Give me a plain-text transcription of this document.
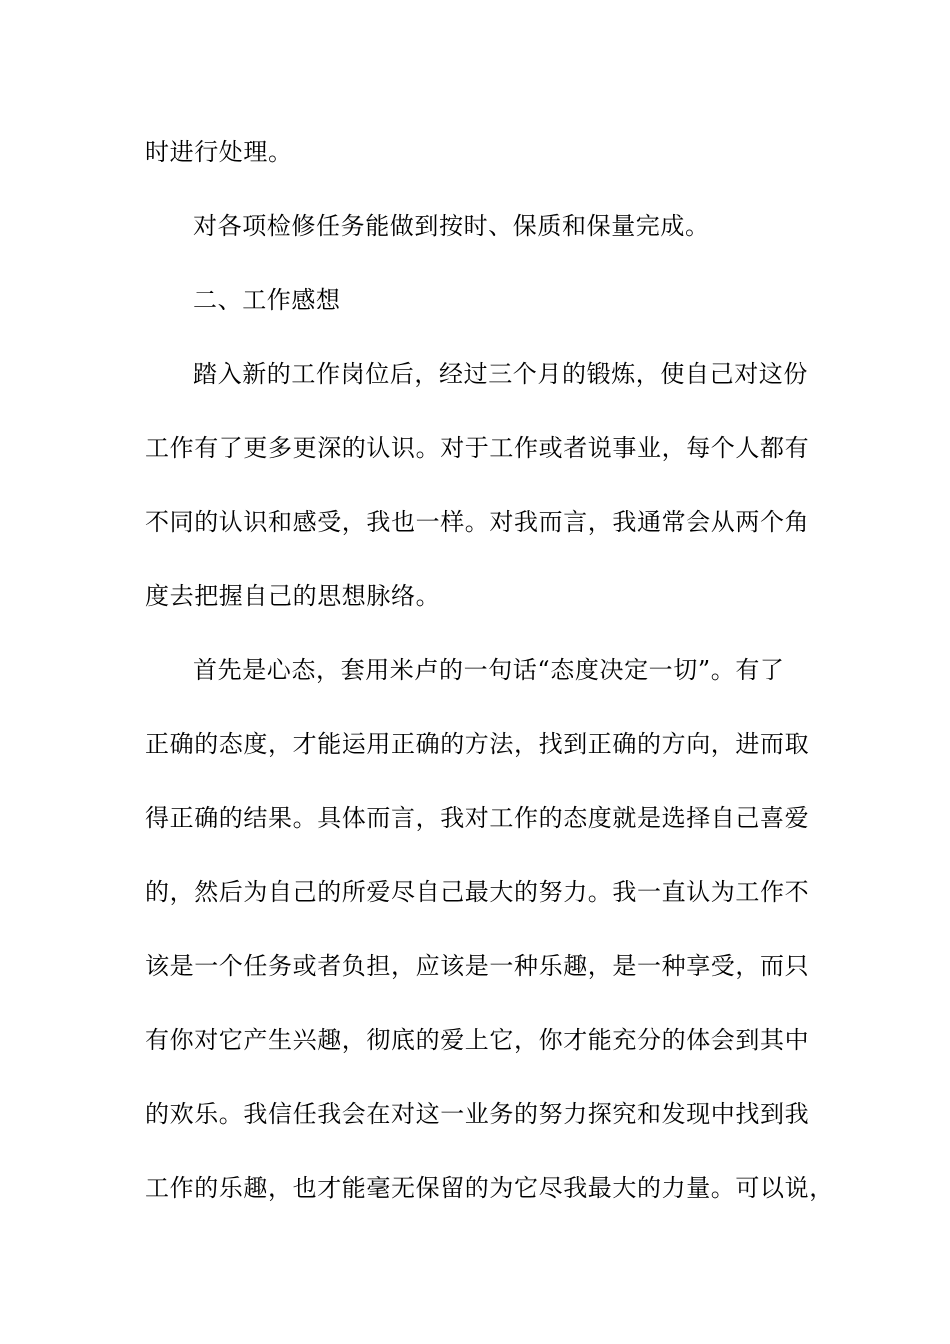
时进行处理。

对各项检修任务能做到按时、保质和保量完成。

二、工作感想

踏入新的工作岗位后，经过三个月的锻炼，使自己对这份

工作有了更多更深的认识。对于工作或者说事业，每个人都有

不同的认识和感受，我也一样。对我而言，我通常会从两个角

度去把握自己的思想脉络。

首先是心态，套用米卢的一句话“态度决定一切”。有了

正确的态度，才能运用正确的方法，找到正确的方向，进而取

得正确的结果。具体而言，我对工作的态度就是选择自己喜爱

的，然后为自己的所爱尽自己最大的努力。我一直认为工作不

该是一个任务或者负担，应该是一种乐趣，是一种享受，而只

有你对它产生兴趣，彻底的爱上它，你才能充分的体会到其中

的欢乐。我信任我会在对这一业务的努力探究和发现中找到我

工作的乐趣，也才能毫无保留的为它尽我最大的力量。可以说，
